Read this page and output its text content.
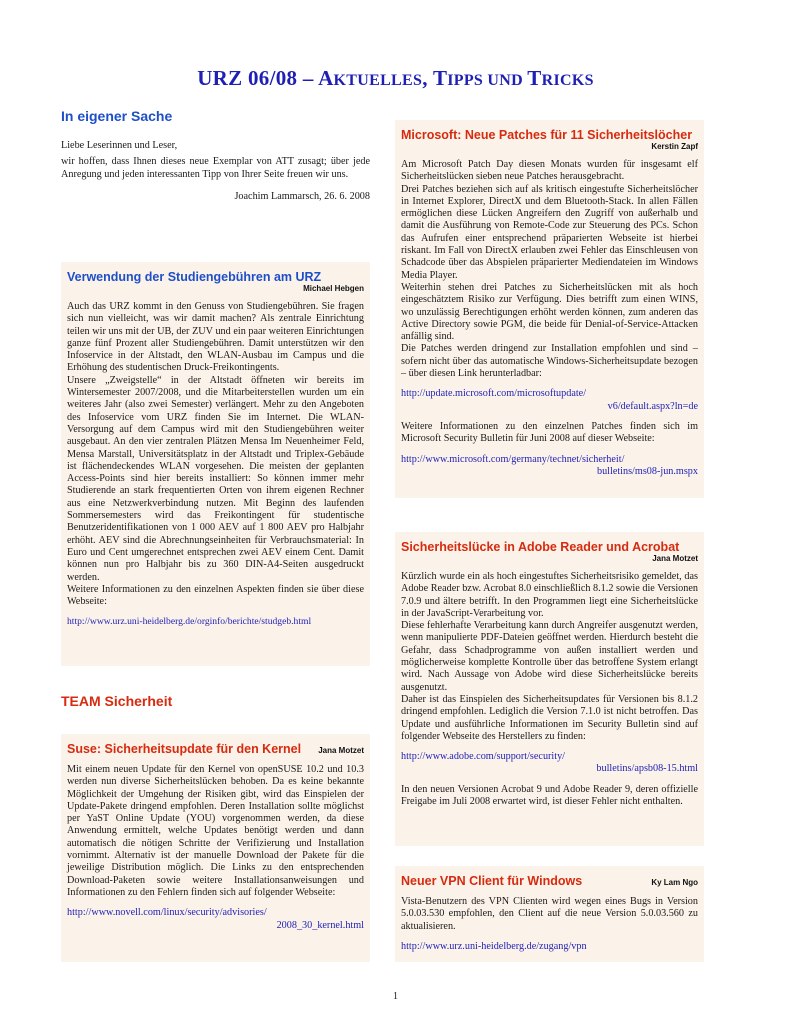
URZ 06/08 – AKTUELLES, TIPPS UND TRICKS
In eigener Sache

Liebe Leserinnen und Leser,

wir hoffen, dass Ihnen dieses neue Exemplar von ATT zusagt; über jede Anregung und jeden interessanten Tipp von Ihrer Seite freuen wir uns.

Joachim Lammarsch, 26. 6. 2008

Verwendung der Studiengebühren am URZ

Michael Hebgen

Auch das URZ kommt in den Genuss von Studiengebühren. Sie fragen sich nun vielleicht, was wir damit machen? Als zentrale Einrichtung teilen wir uns mit der UB, der ZUV und ein paar weiteren Einrichtungen ganze fünf Prozent aller Studiengebühren. Damit unterstützen wir den Infoservice in der Altstadt, den WLAN-Ausbau im Campus und die Erhöhung des studentischen Druck-Freikontingents.

Unsere „Zweigstelle“ in der Altstadt öffneten wir bereits im Wintersemester 2007/2008, und die Mitarbeiterstellen wurden um ein weiteres Jahr (also zwei Semester) verlängert. Mehr zu den Angeboten des Infoservice vom URZ finden Sie im Internet. Die WLAN-Versorgung auf dem Campus wird mit den Studiengebühren weiter ausgebaut. An den vier zentralen Plätzen Mensa Im Neuenheimer Feld, Mensa Marstall, Universitätsplatz in der Altstadt und Triplex-Gebäude ist flächendeckendes WLAN vorgesehen. Die meisten der geplanten Access-Points sind hier bereits installiert: So können immer mehr Studierende an stark frequentierten Orten von ihrem eigenen Rechner aus eine Netzwerkverbindung nutzen. Mit Beginn des laufenden Sommersemesters wird das Freikontingent für studentische Benutzeridentifikationen von 1 000 AEV auf 1 800 AEV pro Halbjahr erhöht. AEV sind die Abrechnungseinheiten für Verbrauchsmaterial: In Euro und Cent umgerechnet entsprechen zwei AEV einem Cent. Damit können nun pro Halbjahr bis zu 360 DIN-A4-Seiten ausgedruckt werden.

Weitere Informationen zu den einzelnen Aspekten finden sie über diese Webseite:

http://www.urz.uni-heidelberg.de/orginfo/berichte/studgeb.html

TEAM Sicherheit
Suse: Sicherheitsupdate für den Kernel Jana Motzet

Mit einem neuen Update für den Kernel von openSUSE 10.2 und 10.3 werden nun diverse Sicherheitslücken behoben. Da es keine bekannte Möglichkeit der Umgehung der Risiken gibt, wird das Einspielen der Update-Pakete dringend empfohlen. Deren Installation sollte möglichst per YaST Online Update (YOU) vorgenommen werden, da diese Anwendung ermittelt, welche Updates benötigt werden und dann automatisch die nötigen Schritte der Verifizierung und Installation vornimmt. Alternativ ist der manuelle Download der Pakete für die jeweilige Distribution möglich. Die Links zu den entsprechenden Download-Paketen sowie weitere Installationsanweisungen und Informationen zu den Fehlern finden sich auf folgender Webseite:

http://www.novell.com/linux/security/advisories/

2008_30_kernel.html

Microsoft: Neue Patches für 11 Sicherheitslöcher

Kerstin Zapf

Am Microsoft Patch Day diesen Monats wurden für insgesamt elf Sicherheitslücken sieben neue Patches herausgebracht.

Drei Patches beziehen sich auf als kritisch eingestufte Sicherheitslöcher in Internet Explorer, DirectX und dem Bluetooth-Stack. In allen Fällen ermöglichen diese Lücken Angreifern den Zugriff von außerhalb und damit die Ausführung von Remote-Code zur Steuerung des PCs. Schon das Aufrufen einer entsprechend präparierten Webseite ist hierbei riskant. Im Fall von DirectX erlauben zwei Fehler das Einschleusen von Schadcode über das Abspielen präparierter Mediendateien im Windows Media Player.

Weiterhin stehen drei Patches zu Sicherheitslücken mit als hoch eingeschätztem Risiko zur Verfügung. Dies betrifft zum einen WINS, wo unzulässig Berechtigungen erhöht werden können, zum anderen das Active Directory sowie PGM, die beide für Denial-of-Service-Attacken anfällig sind.

Die Patches werden dringend zur Installation empfohlen und sind – sofern nicht über das automatische Windows-Sicherheitsupdate bezogen – über diesen Link herunterladbar:

http://update.microsoft.com/microsoftupdate/

v6/default.aspx?ln=de

Weitere Informationen zu den einzelnen Patches finden sich im Microsoft Security Bulletin für Juni 2008 auf dieser Webseite:

http://www.microsoft.com/germany/technet/sicherheit/

bulletins/ms08-jun.mspx

Sicherheitslücke in Adobe Reader und Acrobat

Jana Motzet

Kürzlich wurde ein als hoch eingestuftes Sicherheitsrisiko gemeldet, das Adobe Reader bzw. Acrobat 8.0 einschließlich 8.1.2 sowie die Versionen 7.0.9 und ältere betrifft. In den Programmen liegt eine Sicherheitslücke in der JavaScript-Verarbeitung vor.

Diese fehlerhafte Verarbeitung kann durch Angreifer ausgenutzt werden, wenn manipulierte PDF-Dateien geöffnet werden. Hierdurch besteht die Gefahr, dass Schadprogramme von außen installiert werden und möglicherweise komplette Kontrolle über das betroffene System erlangt wird. Nach Aussage von Adobe wird diese Sicherheitslücke bereits ausgenutzt.

Daher ist das Einspielen des Sicherheitsupdates für Versionen bis 8.1.2 dringend empfohlen. Lediglich die Version 7.1.0 ist nicht betroffen. Das Update und ausführliche Informationen im Security Bulletin sind auf folgender Webseite des Herstellers zu finden:

http://www.adobe.com/support/security/

bulletins/apsb08-15.html

In den neuen Versionen Acrobat 9 und Adobe Reader 9, deren offizielle Freigabe im Juli 2008 erwartet wird, ist dieser Fehler nicht enthalten.

Neuer VPN Client für Windows	Ky Lam Ngo

Vista-Benutzern des VPN Clienten wird wegen eines Bugs in Version 5.0.03.530 empfohlen, den Client auf die neue Version 5.0.03.560 zu aktualisieren.

http://www.urz.uni-heidelberg.de/zugang/vpn

1
